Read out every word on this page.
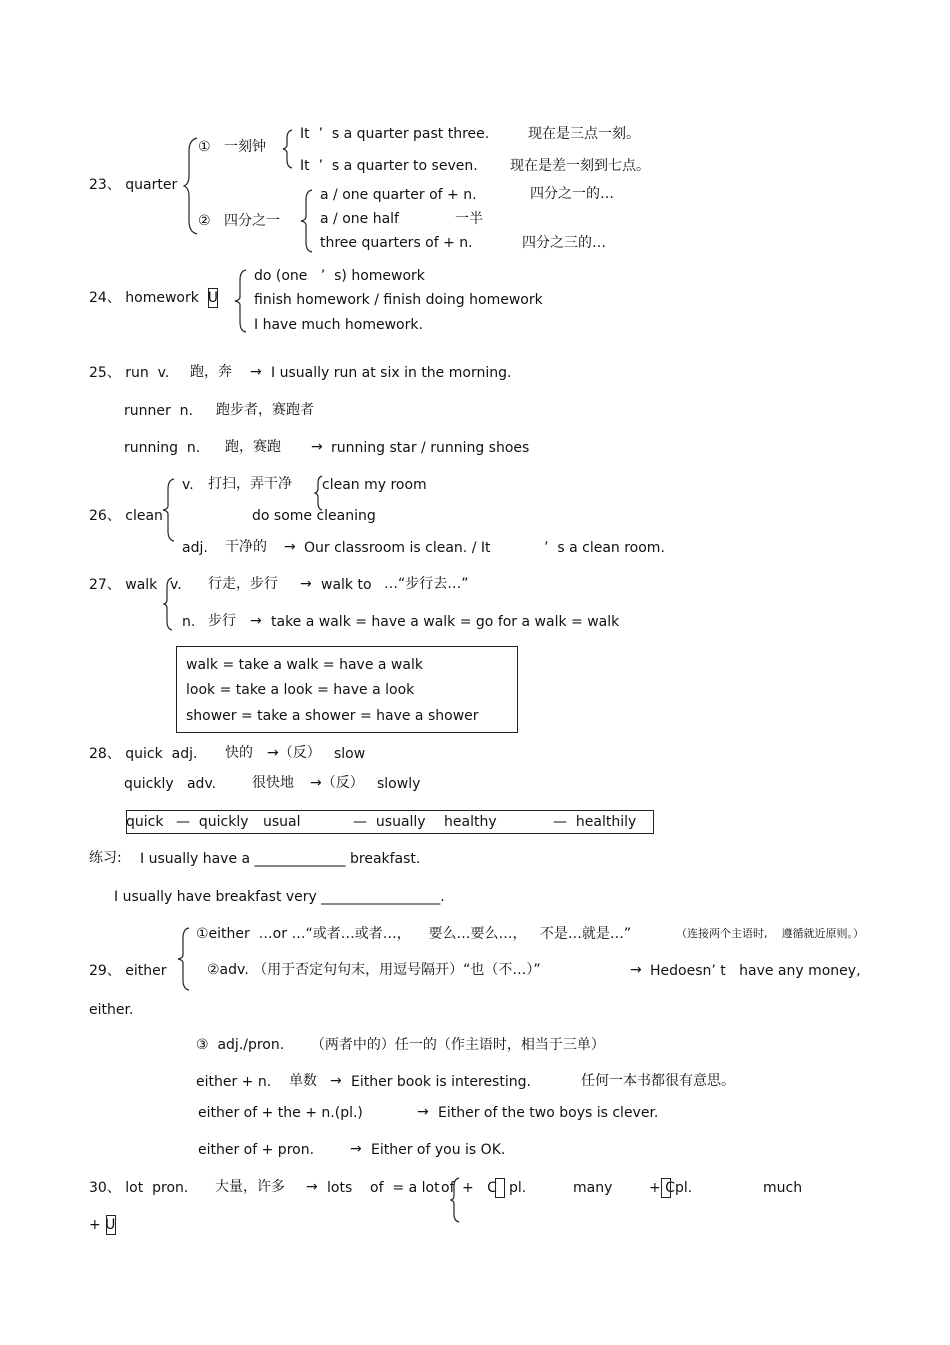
23、 quarter
① 一刻钟
It  ’  s a quarter past three.	现在是三点一刻。
It  ’  s a quarter to seven. 现在是差一刻到七点。
② 四分之一
a / one quarter of + n.	四分之一的…
a / one half	一半
three quarters of + n.	四分之三的…
24、 homework  U
do (one   ’  s) homework
finish homework / finish doing homework
I have much homework.
25、 run  v. 跑，奔 → I usually run at six in the morning.
runner  n. 跑步者，赛跑者
running  n. 跑，赛跑 → running star / running shoes
26、 clean
v. 打扫，弄干净 clean my room
do some cleaning
adj. 干净的 → Our classroom is clean. / It	’  s a clean room.
27、 walk v. 行走，步行 → walk to …“步行去…”
n. 步行 → take a walk = have a walk = go for a walk = walk
walk = take a walk = have a walk
look = take a look = have a look
shower = take a shower = have a shower
28、 quick  adj. 快的 →（反） slow
quickly   adv.	很快地 →（反） slowly
quick —  quickly usual	—  usually healthy	—  healthily
练习: I usually have a _____________ breakfast.
I usually have breakfast very _________________.
29、 either
①either  …or …“或者…或者…，    要么…要么…，   不是…就是…”	（连接两个主语时,    遵循就近原则。）
②adv. （用于否定句句末，用逗号隔开）“也（不…）”	→ Hedoesn’ t   have any money,
either.
③  adj./pron.      （两者中的）任一的（作主语时，相当于三单）
either + n. 单数 → Either book is interesting.	任何一本书都很有意思。
either of + the + n.(pl.)	→ Either of the two boys is clever.
either of + pron.	→ Either of you is OK.
30、 lot  pron. 大量，许多 → lots    of  = a lot of +   C pl.	many	+ C pl.	much
+ U
